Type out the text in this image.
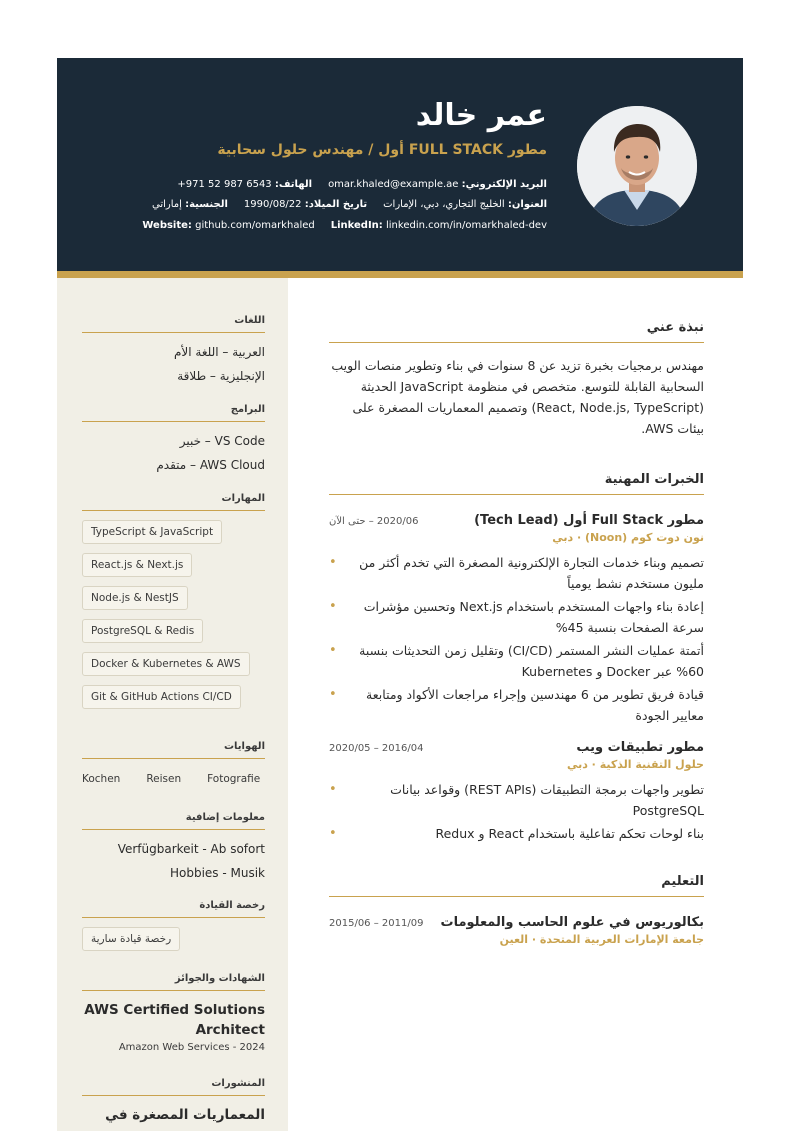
عمر خالد
مطور FULL STACK أول / مهندس حلول سحابية
البريد الإلكتروني: omar.khaled@example.ae
الهاتف: +971 52 987 6543
العنوان: الخليج التجاري، دبي، الإمارات
تاريخ الميلاد: 1990/08/22
الجنسية: إماراتي
Website: github.com/omarkhaled LinkedIn: linkedin.com/in/omarkhaled-dev
اللغات
العربية – اللغة الأم
الإنجليزية – طلاقة
البرامج
VS Code – خبير
AWS Cloud – متقدم
المهارات
TypeScript & JavaScript
React.js & Next.js
Node.js & NestJS
PostgreSQL & Redis
Docker & Kubernetes & AWS
Git & GitHub Actions CI/CD
الهوايات
Fotografie
Reisen
Kochen
معلومات إضافية
Verfügbarkeit - Ab sofort
Hobbies - Musik
رخصة القيادة
رخصة قيادة سارية
الشهادات والجوائز
AWS Certified Solutions Architect
Amazon Web Services - 2024
المنشورات
المعماريات المصغرة في
نبذة عني
مهندس برمجيات بخبرة تزيد عن 8 سنوات في بناء وتطوير منصات الويب السحابية القابلة للتوسع. متخصص في منظومة JavaScript الحديثة (React, Node.js, TypeScript) وتصميم المعماريات المصغرة على بيئات AWS.
الخبرات المهنية
مطور Full Stack أول (Tech Lead)
2020/06 – حتى الآن
نون دوت كوم (Noon) · دبي
تصميم وبناء خدمات التجارة الإلكترونية المصغرة التي تخدم أكثر من مليون مستخدم نشط يومياً •
إعادة بناء واجهات المستخدم باستخدام Next.js وتحسين مؤشرات سرعة الصفحات بنسبة 45% •
أتمتة عمليات النشر المستمر (CI/CD) وتقليل زمن التحديثات بنسبة 60% عبر Docker و Kubernetes •
قيادة فريق تطوير من 6 مهندسين وإجراء مراجعات الأكواد ومتابعة معايير الجودة •
مطور تطبيقات ويب
2016/04 – 2020/05
حلول التقنية الذكية · دبي
تطوير واجهات برمجة التطبيقات (REST APIs) وقواعد بيانات PostgreSQL •
بناء لوحات تحكم تفاعلية باستخدام React و Redux •
التعليم
بكالوريوس في علوم الحاسب والمعلومات
2011/09 – 2015/06
جامعة الإمارات العربية المتحدة · العين
